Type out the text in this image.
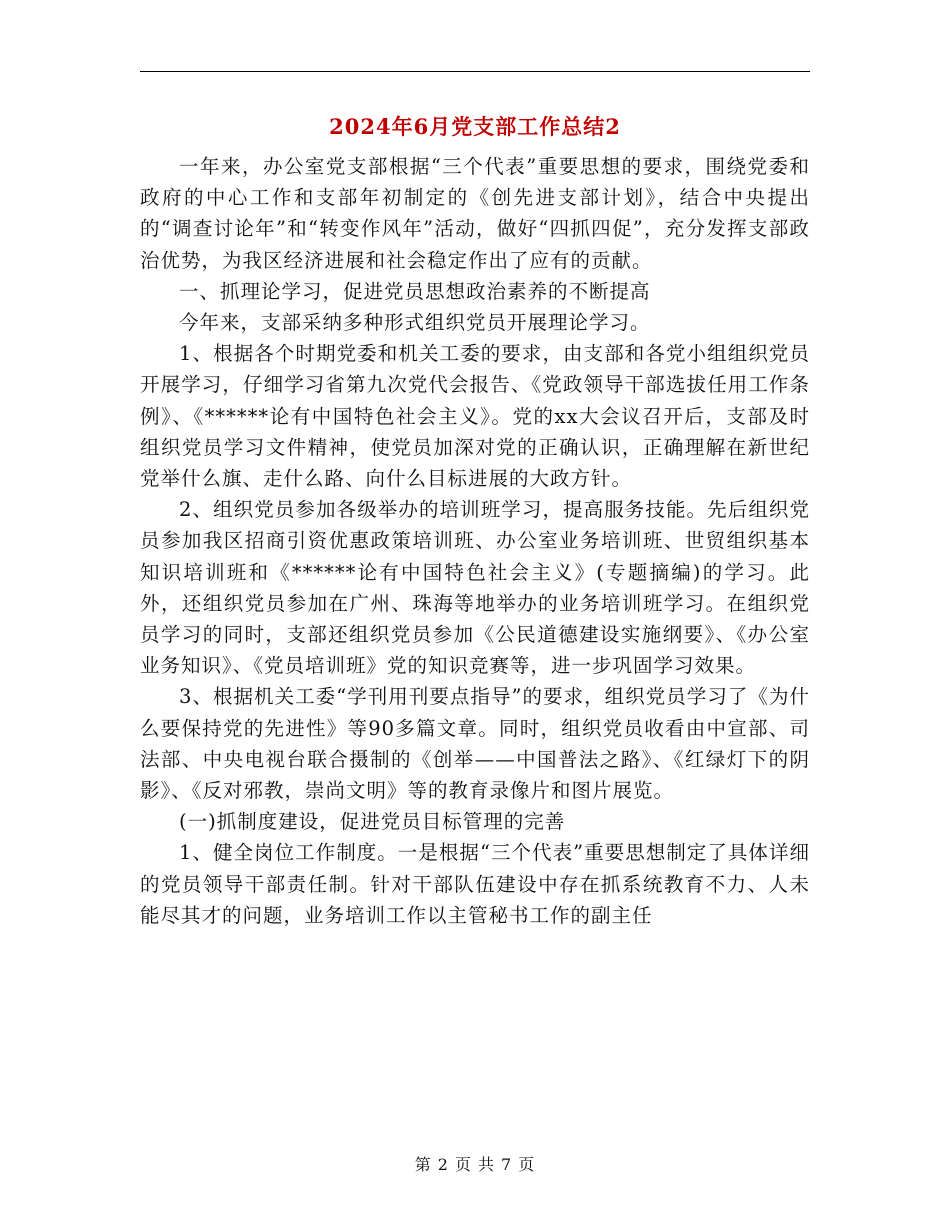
2024年6月党支部工作总结2

一年来，办公室党支部根据“三个代表”重要思想的要求，围绕党委和政府的中心工作和支部年初制定的《创先进支部计划》，结合中央提出的“调查讨论年”和“转变作风年”活动，做好“四抓四促”，充分发挥支部政治优势，为我区经济进展和社会稳定作出了应有的贡献。

一、抓理论学习，促进党员思想政治素养的不断提高

今年来，支部采纳多种形式组织党员开展理论学习。

1、根据各个时期党委和机关工委的要求，由支部和各党小组组织党员开展学习，仔细学习省第九次党代会报告、《党政领导干部选拔任用工作条例》、《******论有中国特色社会主义》。党的xx大会议召开后，支部及时组织党员学习文件精神，使党员加深对党的正确认识，正确理解在新世纪党举什么旗、走什么路、向什么目标进展的大政方针。

2、组织党员参加各级举办的培训班学习，提高服务技能。先后组织党员参加我区招商引资优惠政策培训班、办公室业务培训班、世贸组织基本知识培训班和《******论有中国特色社会主义》(专题摘编)的学习。此外，还组织党员参加在广州、珠海等地举办的业务培训班学习。在组织党员学习的同时，支部还组织党员参加《公民道德建设实施纲要》、《办公室业务知识》、《党员培训班》党的知识竞赛等，进一步巩固学习效果。

3、根据机关工委“学刊用刊要点指导”的要求，组织党员学习了《为什么要保持党的先进性》等90多篇文章。同时，组织党员收看由中宣部、司法部、中央电视台联合摄制的《创举——中国普法之路》、《红绿灯下的阴影》、《反对邪教，崇尚文明》等的教育录像片和图片展览。

(一)抓制度建设，促进党员目标管理的完善

1、健全岗位工作制度。一是根据“三个代表”重要思想制定了具体详细的党员领导干部责任制。针对干部队伍建设中存在抓系统教育不力、人未能尽其才的问题，业务培训工作以主管秘书工作的副主任

第 2 页 共 7 页
